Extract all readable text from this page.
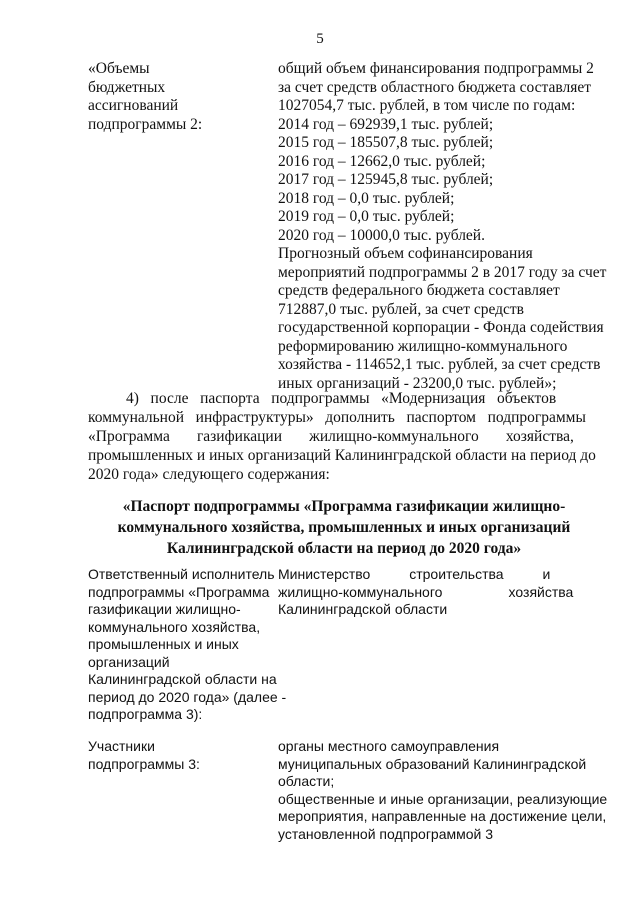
5
«Объемы
бюджетных
ассигнований
подпрограммы 2:
общий объем финансирования подпрограммы 2
за счет средств областного бюджета составляет
1027054,7 тыс. рублей, в том числе по годам:
2014 год – 692939,1 тыс. рублей;
2015 год – 185507,8 тыс. рублей;
2016 год – 12662,0 тыс. рублей;
2017 год – 125945,8 тыс. рублей;
2018 год – 0,0 тыс. рублей;
2019 год – 0,0 тыс. рублей;
2020 год – 10000,0 тыс. рублей.
Прогнозный объем софинансирования
мероприятий подпрограммы 2 в 2017 году за счет
средств федерального бюджета составляет
712887,0 тыс. рублей, за счет средств
государственной корпорации - Фонда содействия
реформированию жилищно-коммунального
хозяйства - 114652,1 тыс. рублей, за счет средств
иных организаций - 23200,0 тыс. рублей»;
4)   после   паспорта   подпрограммы   «Модернизация   объектов
коммунальной   инфраструктуры»   дополнить   паспортом   подпрограммы
«Программа       газификации       жилищно-коммунального       хозяйства,
промышленных и иных организаций Калининградской области на период до
2020 года» следующего содержания:
«Паспорт подпрограммы «Программа газификации жилищно-
коммунального хозяйства, промышленных и иных организаций
Калининградской области на период до 2020 года»
Ответственный исполнитель
подпрограммы «Программа
газификации жилищно-
коммунального хозяйства,
промышленных и иных
организаций
Калининградской области на
период до 2020 года» (далее -
подпрограмма 3):
Министерство          строительства          и
жилищно-коммунального                 хозяйства
Калининградской области
Участники
подпрограммы 3:
органы местного самоуправления
муниципальных образований Калининградской
области;
общественные и иные организации, реализующие
мероприятия, направленные на достижение цели,
установленной подпрограммой 3
